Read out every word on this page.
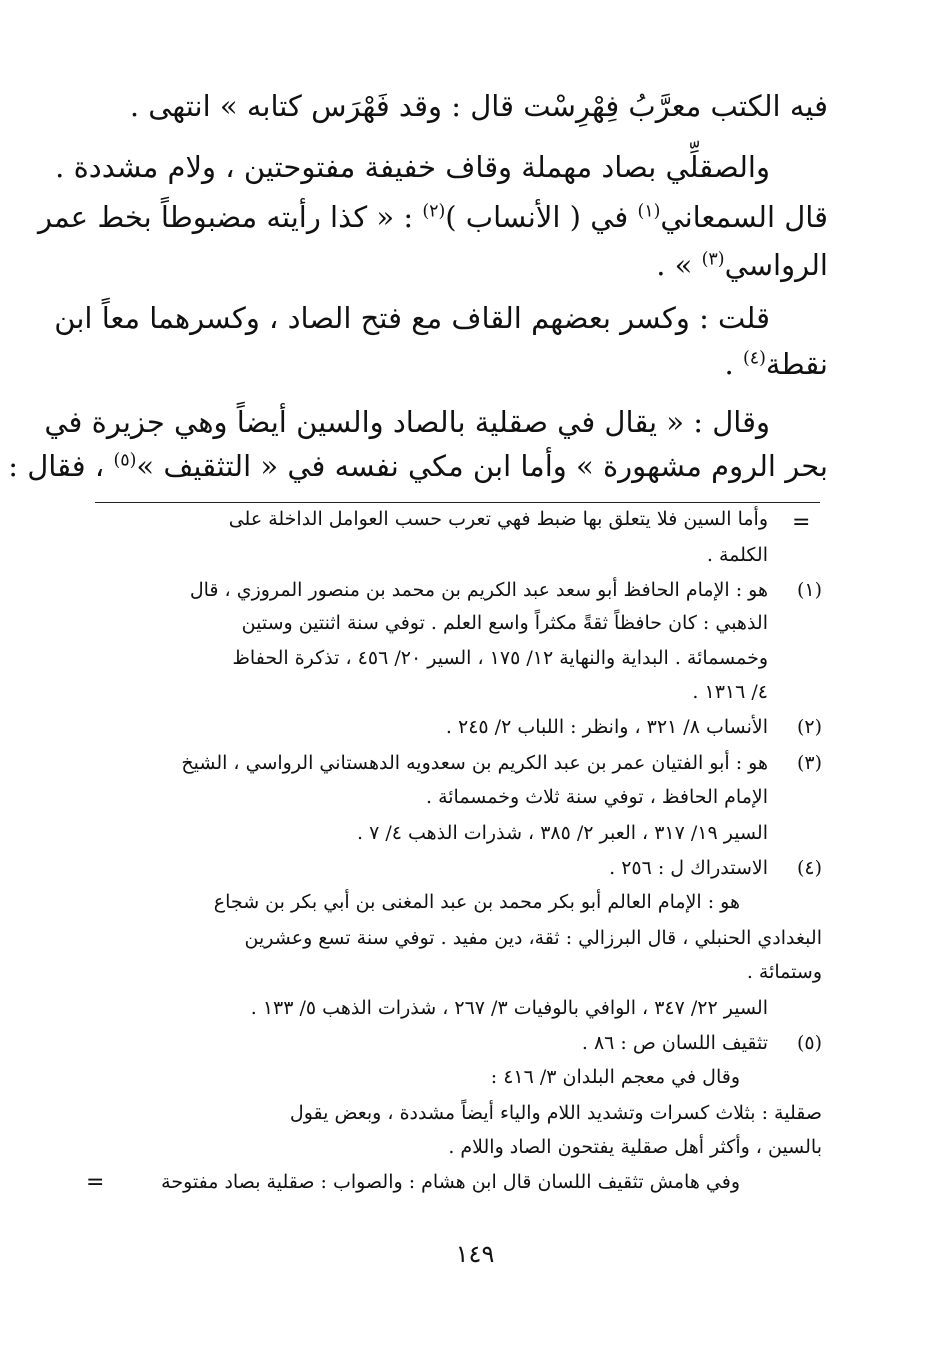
فيه الكتب معرَّبُ فِهْرِسْت قال : وقد فَهْرَس كتابه » انتهى .
والصقلِّي بصاد مهملة وقاف خفيفة مفتوحتين ، ولام مشددة .
قال السمعاني$^{(١)}$ في ( الأنساب )$^{(٢)}$ : « كذا رأيته مضبوطاً بخط عمر
الرواسي$^{(٣)}$ » .
قلت : وكسر بعضهم القاف مع فتح الصاد ، وكسرهما معاً ابن
نقطة$^{(٤)}$ .
وقال : « يقال في صقلية بالصاد والسين أيضاً وهي جزيرة في
بحر الروم مشهورة » وأما ابن مكي نفسه في « التثقيف »$^{(٥)}$ ، فقال :
=
وأما السين فلا يتعلق بها ضبط فهي تعرب حسب العوامل الداخلة على
الكلمة .
(١)
هو : الإمام الحافظ أبو سعد عبد الكريم بن محمد بن منصور المروزي ، قال
الذهبي : كان حافظاً ثقةً مكثراً واسع العلم . توفي سنة اثنتين وستين
وخمسمائة . البداية والنهاية ١٢/ ١٧٥ ، السير ٢٠/ ٤٥٦ ، تذكرة الحفاظ
٤/ ١٣١٦ .
(٢)
الأنساب ٨/ ٣٢١ ، وانظر : اللباب ٢/ ٢٤٥ .
(٣)
هو : أبو الفتيان عمر بن عبد الكريم بن سعدويه الدهستاني الرواسي ، الشيخ
الإمام الحافظ ، توفي سنة ثلاث وخمسمائة .
السير ١٩/ ٣١٧ ، العبر ٢/ ٣٨٥ ، شذرات الذهب ٤/ ٧ .
(٤)
الاستدراك ل : ٢٥٦ .
هو : الإمام العالم أبو بكر محمد بن عبد المغنى بن أبي بكر بن شجاع
البغدادي الحنبلي ، قال البرزالي : ثقة، دين مفيد . توفي سنة تسع وعشرين
وستمائة .
السير ٢٢/ ٣٤٧ ، الوافي بالوفيات ٣/ ٢٦٧ ، شذرات الذهب ٥/ ١٣٣ .
(٥)
تثقيف اللسان ص : ٨٦ .
وقال في معجم البلدان ٣/ ٤١٦ :
صقلية : بثلاث كسرات وتشديد اللام والياء أيضاً مشددة ، وبعض يقول
بالسين ، وأكثر أهل صقلية يفتحون الصاد واللام .
وفي هامش تثقيف اللسان قال ابن هشام : والصواب : صقلية بصاد مفتوحة
=
١٤٩
